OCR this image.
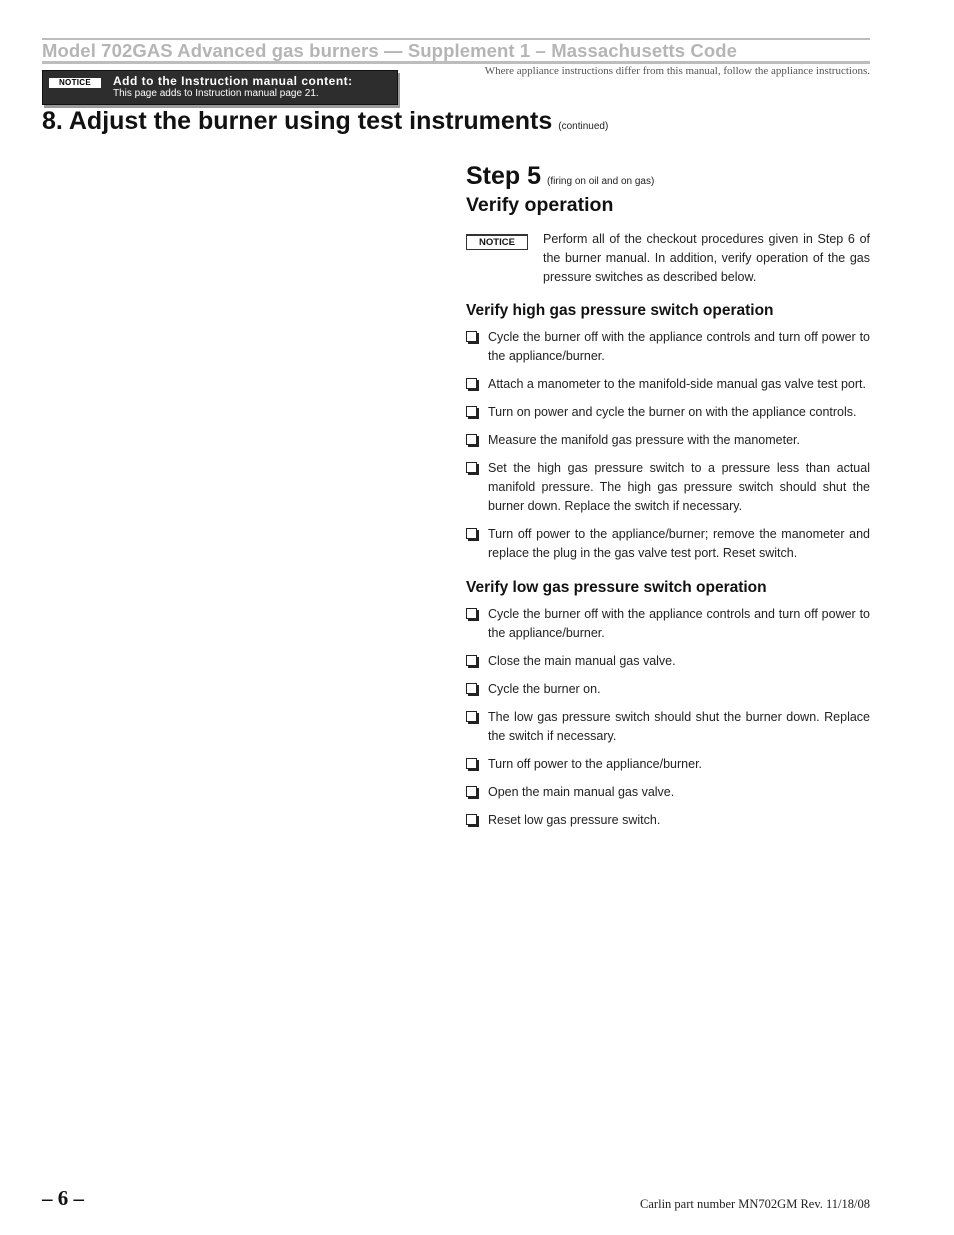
Model 702GAS Advanced gas burners — Supplement 1 – Massachusetts Code
NOTICE	Add to the Instruction manual content:
This page adds to Instruction manual page 21.
Where appliance instructions differ from this manual, follow the appliance instructions.
8. Adjust the burner using test instruments (continued)
Step 5 (firing on oil and on gas)
Verify operation
NOTICE	Perform all of the checkout procedures given in Step 6 of the burner manual. In addition, verify operation of the gas pressure switches as described below.
Verify high gas pressure switch operation
Cycle the burner off with the appliance controls and turn off power to the appliance/burner.
Attach a manometer to the manifold-side manual gas valve test port.
Turn on power and cycle the burner on with the appliance controls.
Measure the manifold gas pressure with the manometer.
Set the high gas pressure switch to a pressure less than actual manifold pressure. The high gas pressure switch should shut the burner down. Replace the switch if necessary.
Turn off power to the appliance/burner; remove the manometer and replace the plug in the gas valve test port. Reset switch.
Verify low gas pressure switch operation
Cycle the burner off with the appliance controls and turn off power to the appliance/burner.
Close the main manual gas valve.
Cycle the burner on.
The low gas pressure switch should shut the burner down. Replace the switch if necessary.
Turn off power to the appliance/burner.
Open the main manual gas valve.
Reset low gas pressure switch.
– 6 –	Carlin part number MN702GM Rev. 11/18/08
